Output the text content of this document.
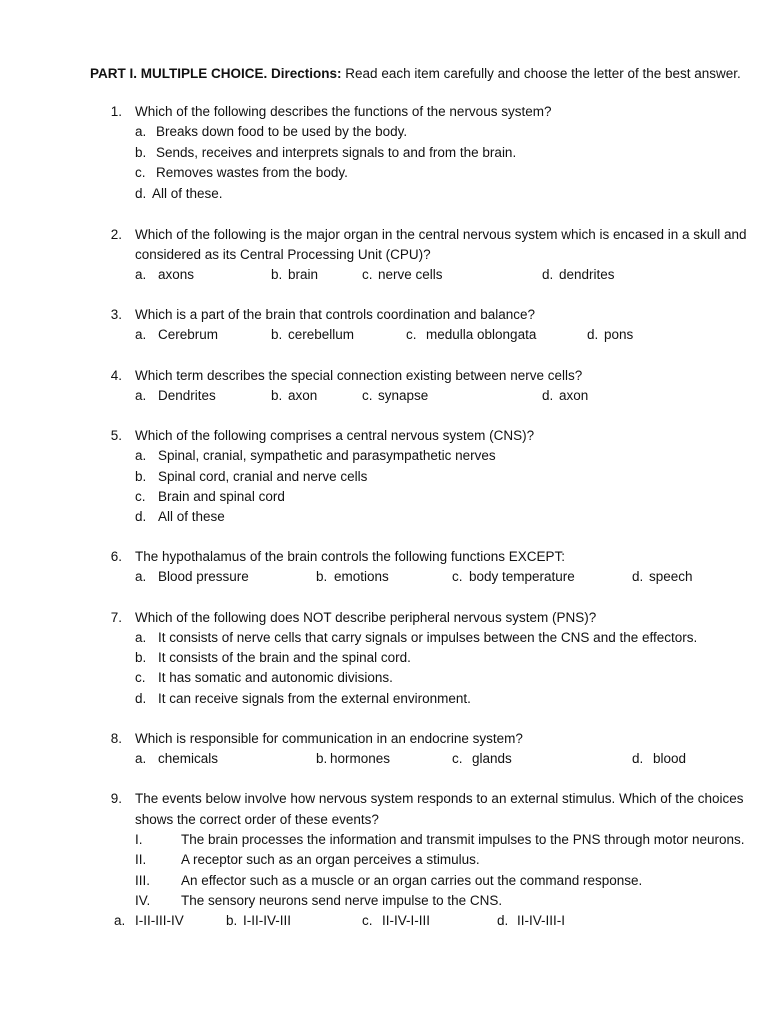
PART I. MULTIPLE CHOICE. Directions: Read each item carefully and choose the letter of the best answer.
1. Which of the following describes the functions of the nervous system?
a. Breaks down food to be used by the body.
b. Sends, receives and interprets signals to and from the brain.
c. Removes wastes from the body.
d. All of these.
2. Which of the following is the major organ in the central nervous system which is encased in a skull and
considered as its Central Processing Unit (CPU)?
a. axons	b. brain	c. nerve cells	d. dendrites
3. Which is a part of the brain that controls coordination and balance?
a. Cerebrum	b. cerebellum	c. medulla oblongata	d. pons
4. Which term describes the special connection existing between nerve cells?
a. Dendrites	b. axon	c. synapse	d. axon
5. Which of the following comprises a central nervous system (CNS)?
a. Spinal, cranial, sympathetic and parasympathetic nerves
b. Spinal cord, cranial and nerve cells
c. Brain and spinal cord
d. All of these
6. The hypothalamus of the brain controls the following functions EXCEPT:
a. Blood pressure	b. emotions	c. body temperature	d. speech
7. Which of the following does NOT describe peripheral nervous system (PNS)?
a. It consists of nerve cells that carry signals or impulses between the CNS and the effectors.
b. It consists of the brain and the spinal cord.
c. It has somatic and autonomic divisions.
d. It can receive signals from the external environment.
8. Which is responsible for communication in an endocrine system?
a. chemicals	b. hormones	c. glands	d. blood
9. The events below involve how nervous system responds to an external stimulus. Which of the choices
shows the correct order of these events?
I.	The brain processes the information and transmit impulses to the PNS through motor neurons.
II.	A receptor such as an organ perceives a stimulus.
III. An effector such as a muscle or an organ carries out the command response.
IV. The sensory neurons send nerve impulse to the CNS.
a. I-II-III-IV	b. I-II-IV-III	c. II-IV-I-III	d. II-IV-III-I
